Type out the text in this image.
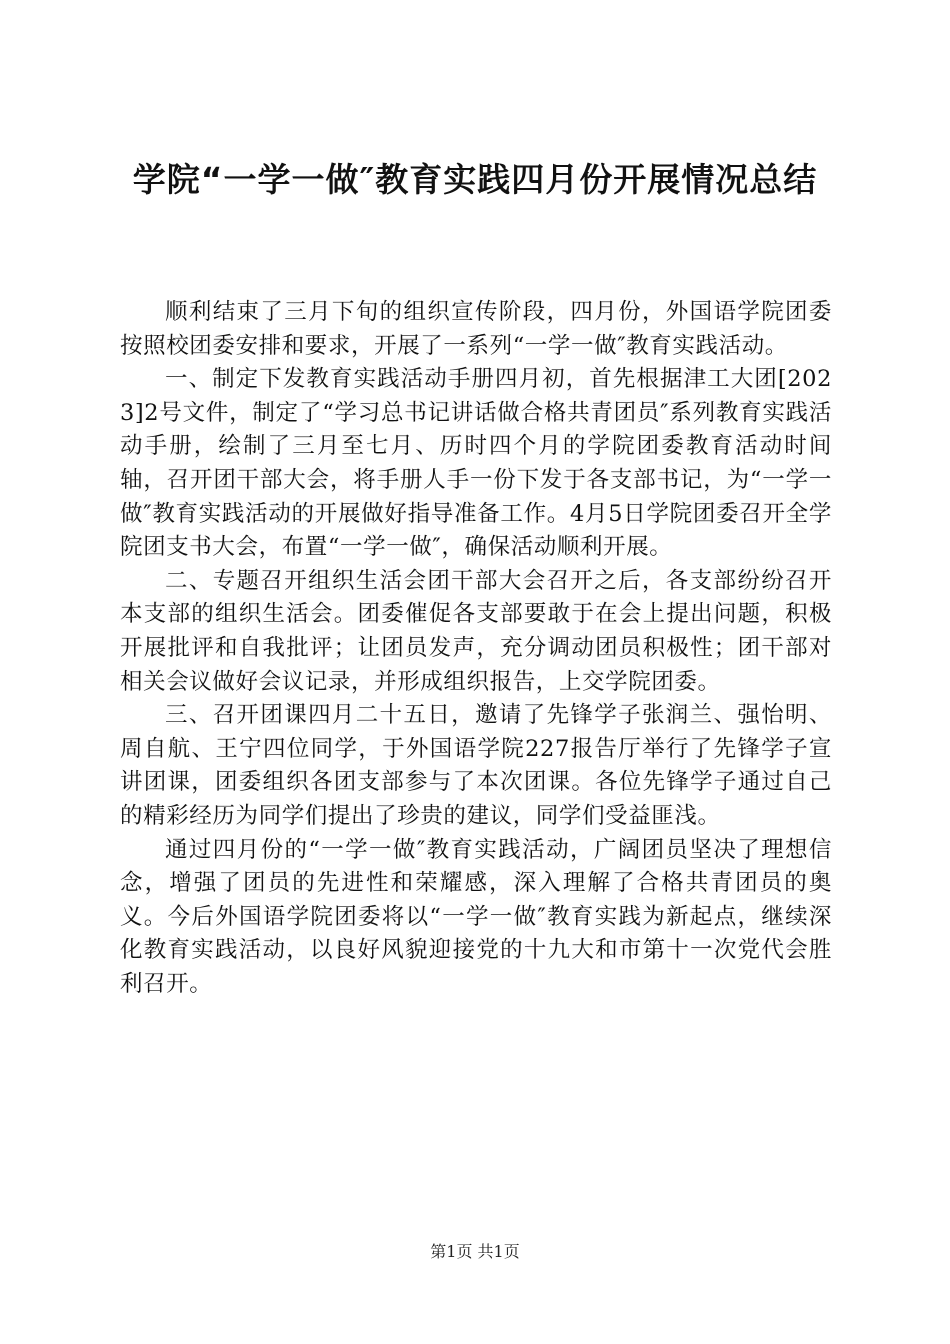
学院“一学一做″教育实践四月份开展情况总结

顺利结束了三月下旬的组织宣传阶段，四月份，外国语学院团委按照校团委安排和要求，开展了一系列“一学一做″教育实践活动。

一、制定下发教育实践活动手册四月初，首先根据津工大团[2023]2号文件，制定了“学习总书记讲话做合格共青团员″系列教育实践活动手册，绘制了三月至七月、历时四个月的学院团委教育活动时间轴，召开团干部大会，将手册人手一份下发于各支部书记，为“一学一做″教育实践活动的开展做好指导准备工作。4月5日学院团委召开全学院团支书大会，布置“一学一做″，确保活动顺利开展。

二、专题召开组织生活会团干部大会召开之后，各支部纷纷召开本支部的组织生活会。团委催促各支部要敢于在会上提出问题，积极开展批评和自我批评；让团员发声，充分调动团员积极性；团干部对相关会议做好会议记录，并形成组织报告，上交学院团委。

三、召开团课四月二十五日，邀请了先锋学子张润兰、强怡明、周自航、王宁四位同学，于外国语学院227报告厅举行了先锋学子宣讲团课，团委组织各团支部参与了本次团课。各位先锋学子通过自己的精彩经历为同学们提出了珍贵的建议，同学们受益匪浅。

通过四月份的“一学一做″教育实践活动，广阔团员坚决了理想信念，增强了团员的先进性和荣耀感，深入理解了合格共青团员的奥义。今后外国语学院团委将以“一学一做″教育实践为新起点，继续深化教育实践活动，以良好风貌迎接党的十九大和市第十一次党代会胜利召开。

第1页 共1页
